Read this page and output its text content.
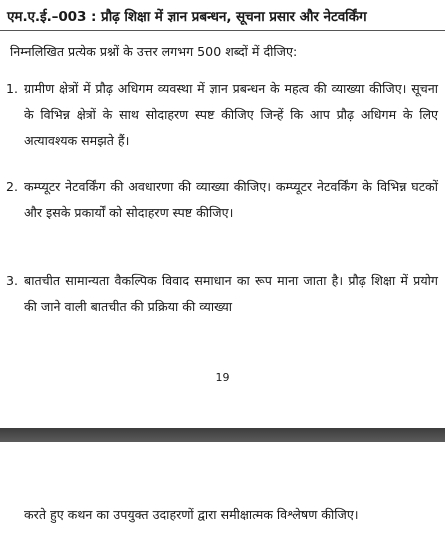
एम.ए.ई.–003 : प्रौढ़ शिक्षा में ज्ञान प्रबन्धन, सूचना प्रसार और नेटवर्किंग
निम्नलिखित प्रत्येक प्रश्नों के उत्तर लगभग 500 शब्दों में दीजिए:
1. ग्रामीण क्षेत्रों में प्रौढ़ अधिगम व्यवस्था में ज्ञान प्रबन्धन के महत्व की व्याख्या कीजिए। सूचना के विभिन्न क्षेत्रों के साथ सोदाहरण स्पष्ट कीजिए जिन्हें कि आप प्रौढ़ अधिगम के लिए अत्यावश्यक समझते हैं।
2. कम्प्यूटर नेटवर्किंग की अवधारणा की व्याख्या कीजिए। कम्प्यूटर नेटवर्किंग के विभिन्न घटकों और इसके प्रकार्यों को सोदाहरण स्पष्ट कीजिए।
3. बातचीत सामान्यता वैकल्पिक विवाद समाधान का रूप माना जाता है। प्रौढ़ शिक्षा में प्रयोग की जाने वाली बातचीत की प्रक्रिया की व्याख्या
19
करते हुए कथन का उपयुक्त उदाहरणों द्वारा समीक्षात्मक विश्लेषण कीजिए।
